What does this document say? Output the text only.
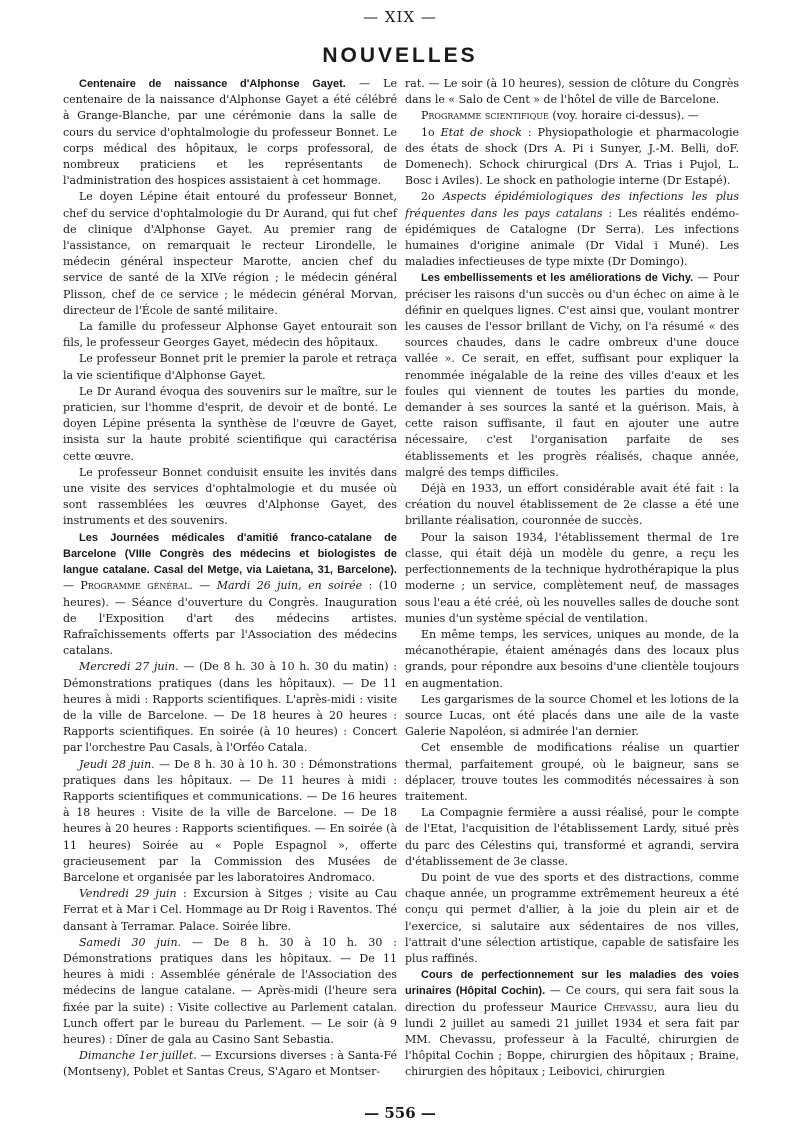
— XIX —
NOUVELLES

Centenaire de naissance d'Alphonse Gayet. — Le centenaire de la naissance d'Alphonse Gayet a été célébré à Grange-Blanche, par une cérémonie dans la salle de cours du service d'ophtalmologie du professeur Bonnet. Le corps médical des hôpitaux, le corps professoral, de nombreux praticiens et les représentants de l'administration des hospices assistaient à cet hommage.

Le doyen Lépine était entouré du professeur Bonnet, chef du service d'ophtalmologie du Dr Aurand, qui fut chef de clinique d'Alphonse Gayet. Au premier rang de l'assistance, on remarquait le recteur Lirondelle, le médecin général inspecteur Marotte, ancien chef du service de santé de la XIVe région ; le médecin général Plisson, chef de ce service ; le médecin général Morvan, directeur de l'École de santé militaire.

La famille du professeur Alphonse Gayet entourait son fils, le professeur Georges Gayet, médecin des hôpitaux.

Le professeur Bonnet prit le premier la parole et retraça la vie scientifique d'Alphonse Gayet.

Le Dr Aurand évoqua des souvenirs sur le maître, sur le praticien, sur l'homme d'esprit, de devoir et de bonté. Le doyen Lépine présenta la synthèse de l'œuvre de Gayet, insista sur la haute probité scientifique qui caractérisa cette œuvre.

Le professeur Bonnet conduisit ensuite les invités dans une visite des services d'ophtalmologie et du musée où sont rassemblées les œuvres d'Alphonse Gayet, des instruments et des souvenirs.

Les Journées médicales d'amitié franco-catalane de Barcelone (VIIIe Congrès des médecins et biologistes de langue catalane. Casal del Metge, via Laietana, 31, Barcelone). — Programme général. — Mardi 26 juin, en soirée : (10 heures). — Séance d'ouverture du Congrès. Inauguration de l'Exposition d'art des médecins artistes. Rafraîchissements offerts par l'Association des médecins catalans.

Mercredi 27 juin. — (De 8 h. 30 à 10 h. 30 du matin) : Démonstrations pratiques (dans les hôpitaux). — De 11 heures à midi : Rapports scientifiques. L'après-midi : visite de la ville de Barcelone. — De 18 heures à 20 heures : Rapports scientifiques. En soirée (à 10 heures) : Concert par l'orchestre Pau Casals, à l'Orféo Catala.

Jeudi 28 juin. — De 8 h. 30 à 10 h. 30 : Démonstrations pratiques dans les hôpitaux. — De 11 heures à midi : Rapports scientifiques et communications. — De 16 heures à 18 heures : Visite de la ville de Barcelone. — De 18 heures à 20 heures : Rapports scientifiques. — En soirée (à 11 heures) Soirée au « Pople Espagnol », offerte gracieusement par la Commission des Musées de Barcelone et organisée par les laboratoires Andromaco.

Vendredi 29 juin : Excursion à Sitges ; visite au Cau Ferrat et à Mar i Cel. Hommage au Dr Roig i Raventos. Thé dansant à Terramar. Palace. Soirée libre.

Samedi 30 juin. — De 8 h. 30 à 10 h. 30 : Démonstrations pratiques dans les hôpitaux. — De 11 heures à midi : Assemblée générale de l'Association des médecins de langue catalane. — Après-midi (l'heure sera fixée par la suite) : Visite collective au Parlement catalan. Lunch offert par le bureau du Parlement. — Le soir (à 9 heures) : Dîner de gala au Casino Sant Sebastia.

Dimanche 1er juillet. — Excursions diverses : à Santa-Fé (Montseny), Poblet et Santas Creus, S'Agaro et Montser-

rat. — Le soir (à 10 heures), session de clôture du Congrès dans le « Salo de Cent » de l'hôtel de ville de Barcelone.

Programme scientifique (voy. horaire ci-dessus). —

1o Etat de shock : Physiopathologie et pharmacologie des états de shock (Drs A. Pi i Sunyer, J.-M. Belli, doF. Domenech). Schock chirurgical (Drs A. Trias i Pujol, L. Bosc i Aviles). Le shock en pathologie interne (Dr Estapé).

2o Aspects épidémiologiques des infections les plus fréquentes dans les pays catalans : Les réalités endémo-épidémiques de Catalogne (Dr Serra). Les infections humaines d'origine animale (Dr Vidal i Muné). Les maladies infectieuses de type mixte (Dr Domingo).

Les embellissements et les améliorations de Vichy. — Pour préciser les raisons d'un succès ou d'un échec on aime à le définir en quelques lignes. C'est ainsi que, voulant montrer les causes de l'essor brillant de Vichy, on l'a résumé « des sources chaudes, dans le cadre ombreux d'une douce vallée ». Ce serait, en effet, suffisant pour expliquer la renommée inégalable de la reine des villes d'eaux et les foules qui viennent de toutes les parties du monde, demander à ses sources la santé et la guérison. Mais, à cette raison suffisante, il faut en ajouter une autre nécessaire, c'est l'organisation parfaite de ses établissements et les progrès réalisés, chaque année, malgré des temps difficiles.

Déjà en 1933, un effort considérable avait été fait : la création du nouvel établissement de 2e classe a été une brillante réalisation, couronnée de succès.

Pour la saison 1934, l'établissement thermal de 1re classe, qui était déjà un modèle du genre, a reçu les perfectionnements de la technique hydrothérapique la plus moderne ; un service, complètement neuf, de massages sous l'eau a été créé, où les nouvelles salles de douche sont munies d'un système spécial de ventilation.

En même temps, les services, uniques au monde, de la mécanothérapie, étaient aménagés dans des locaux plus grands, pour répondre aux besoins d'une clientèle toujours en augmentation.

Les gargarismes de la source Chomel et les lotions de la source Lucas, ont été placés dans une aile de la vaste Galerie Napoléon, si admirée l'an dernier.

Cet ensemble de modifications réalise un quartier thermal, parfaitement groupé, où le baigneur, sans se déplacer, trouve toutes les commodités nécessaires à son traitement.

La Compagnie fermière a aussi réalisé, pour le compte de l'Etat, l'acquisition de l'établissement Lardy, situé près du parc des Célestins qui, transformé et agrandi, servira d'établissement de 3e classe.

Du point de vue des sports et des distractions, comme chaque année, un programme extrêmement heureux a été conçu qui permet d'allier, à la joie du plein air et de l'exercice, si salutaire aux sédentaires de nos villes, l'attrait d'une sélection artistique, capable de satisfaire les plus raffinés.

Cours de perfectionnement sur les maladies des voies urinaires (Hôpital Cochin). — Ce cours, qui sera fait sous la direction du professeur Maurice Chevassu, aura lieu du lundi 2 juillet au samedi 21 juillet 1934 et sera fait par MM. Chevassu, professeur à la Faculté, chirurgien de l'hôpital Cochin ; Boppe, chirurgien des hôpitaux ; Braine, chirurgien des hôpitaux ; Leibovici, chirurgien

— 556 —
